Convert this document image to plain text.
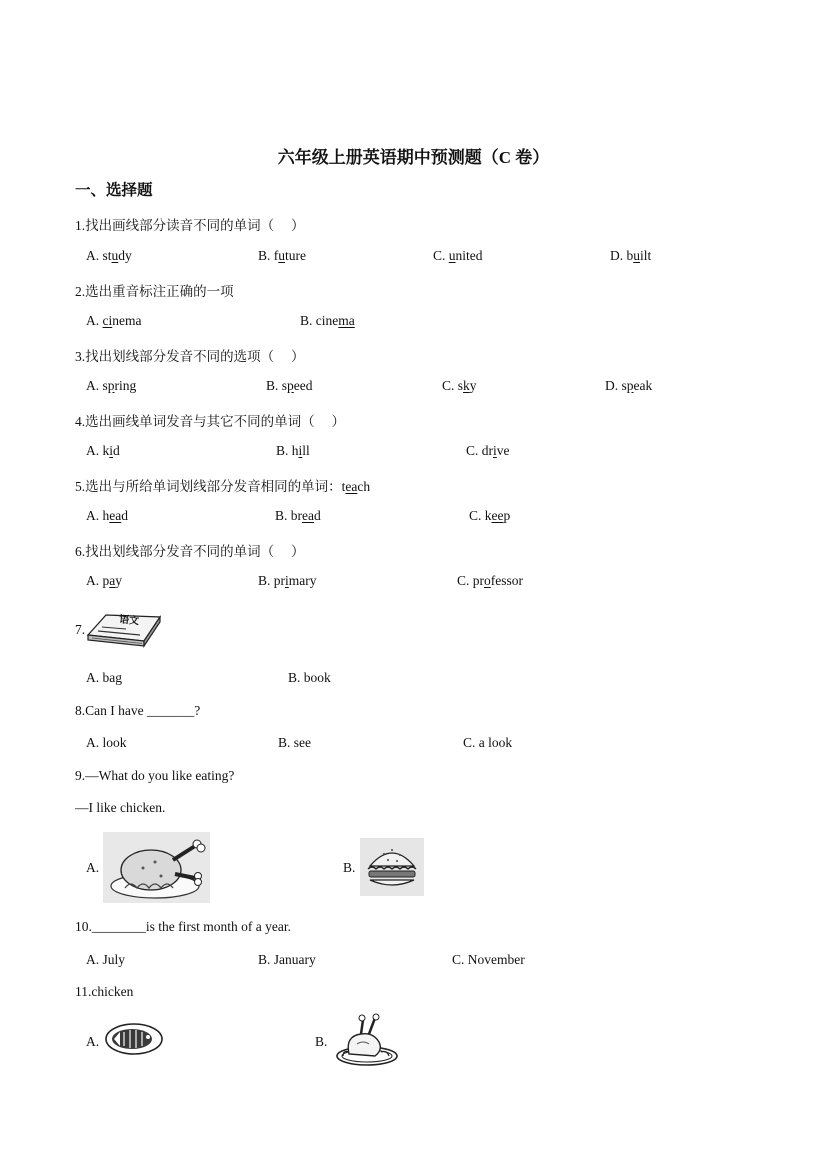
六年级上册英语期中预测题（C 卷）
一、选择题
1.找出画线部分读音不同的单词（　 ）
A. study	B. future	C. united	D. built
2.选出重音标注正确的一项
A. cinema	B. cinema
3.找出划线部分发音不同的选项（　 ）
A. spring	B. speed	C. sky	D. speak
4.选出画线单词发音与其它不同的单词（　 ）
A. kid	B. hill	C. drive
5.选出与所给单词划线部分发音相同的单词：teach
A. head	B. bread	C. keep
6.找出划线部分发音不同的单词（　 ）
A. pay	B. primary	C. professor
7.
语文
A. bag	B. book
8.Can I have _______?
A. look	B. see	C. a look
9.—What do you like eating?
—I like chicken.
A.	B.
10.________is the first month of a year.
A. July	B. January	C. November
11.chicken
A.	B.
